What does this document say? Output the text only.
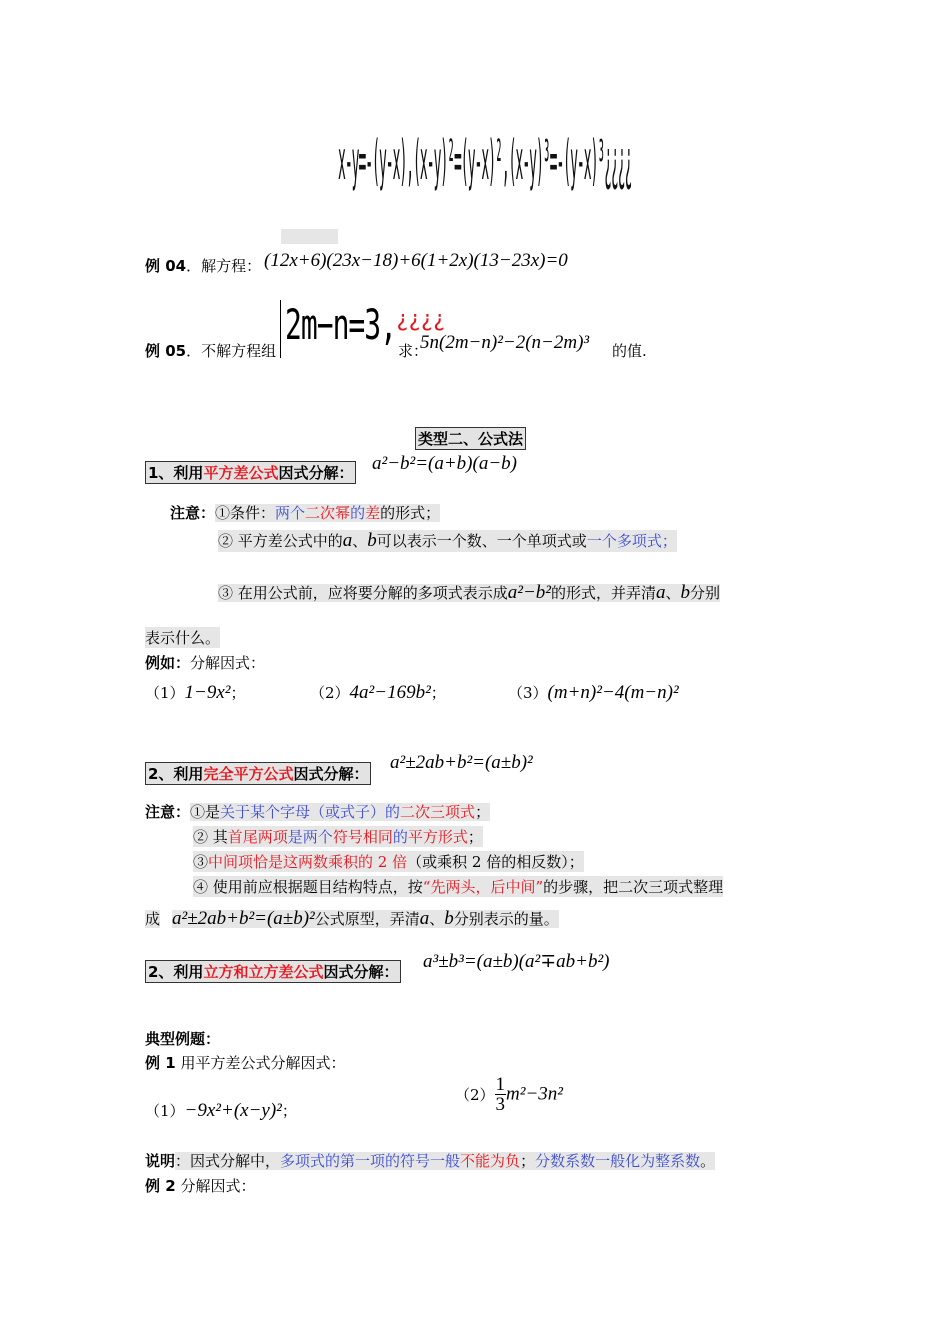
x-y=-(y-x),(x-y)²=(y-x)²,(x-y)³=-(y-x)³¿¿¿¿
例 04．解方程： (12x+6)(23x−18)+6(1+2x)(13−23x)=0
例 05．不解方程组
2m−n=3,¿¿¿¿
求：
5n(2m−n)²−2(n−2m)³ 的值.
类型二、公式法
1、利用平方差公式因式分解： a²−b²=(a+b)(a−b)
注意：①条件：两个二次幂的差的形式；
② 平方差公式中的a、b可以表示一个数、一个单项式或一个多项式；
③ 在用公式前，应将要分解的多项式表示成a²−b²的形式，并弄清a、b分别
表示什么。
例如：分解因式：
（1）1−9x²；	（2）4a²−169b²；	（3）(m+n)²−4(m−n)²
2、利用完全平方公式因式分解：
a²±2ab+b²=(a±b)²
注意：①是关于某个字母（或式子）的二次三项式；
② 其首尾两项是两个符号相同的平方形式；
③中间项恰是这两数乘积的 2 倍（或乘积 2 倍的相反数）；
④ 使用前应根据题目结构特点，按“先两头，后中间”的步骤，把二次三项式整理
成 a²±2ab+b²=(a±b)²公式原型，弄清a、b分别表示的量。
2、利用立方和立方差公式因式分解： a³±b³=(a±b)(a²∓ab+b²)
典型例题：
例 1 用平方差公式分解因式：
（1）−9x²+(x−y)²；
$(2) \frac{1}{3} m^2-3n^2$
说明：因式分解中，多项式的第一项的符号一般不能为负；分数系数一般化为整系数。
例 2 分解因式：
